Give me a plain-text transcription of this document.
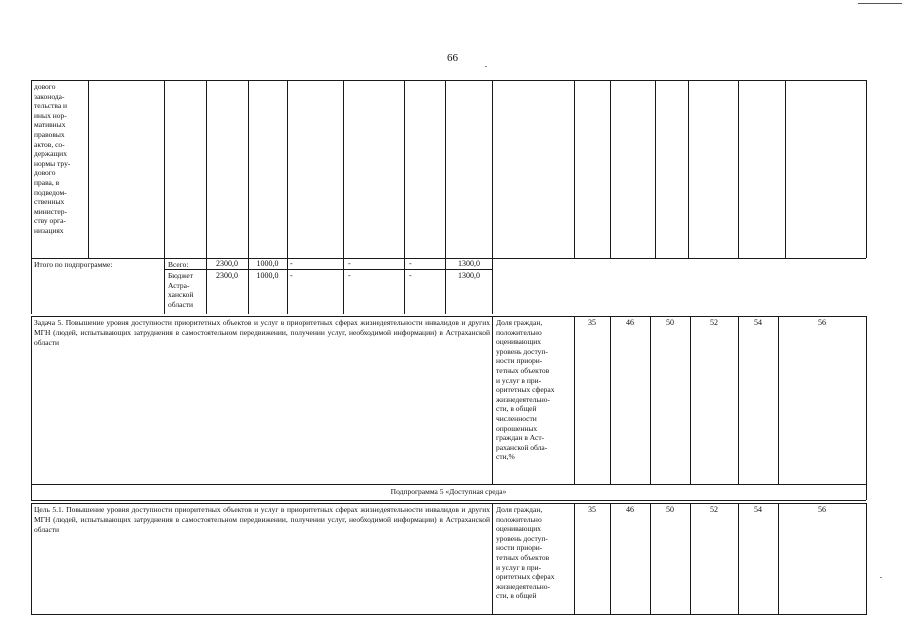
66
дового
законода-
тельства и
иных нор-
мативных
правовых
актов, со-
держащих
нормы тру-
дового
права, в
подведом-
ственных
министер-
ству орга-
низациях
Итого по подпрограмме:	Всего:	2300,0	1000,0	-	-	-	1300,0
Бюджет
Астра-
ханской
области
2300,0	1000,0	-	-	-	1300,0
Задача 5. Повышение уровня доступности приоритетных объектов и услуг в приоритетных сферах жизнедеятельности инвалидов и других МГН (людей, испытывающих затруднения в самостоятельном передвижении, получении услуг, необходимой информации) в Астраханской области
Доля граждан,
положительно
оценивающих
уровень доступ-
ности приори-
тетных объектов
и услуг в при-
оритетных сферах
жизнедеятельно-
сти, в общей
численности
опрошенных
граждан в Аст-
раханской обла-
сти,%
35	46	50	52	54	56
Подпрограмма 5 «Доступная среда»
Цель 5.1. Повышение уровня доступности приоритетных объектов и услуг в приоритетных сферах жизнедеятельности инвалидов и других МГН (людей, испытывающих затруднения в самостоятельном передвижении, получении услуг, необходимой информации) в Астраханской области
Доля граждан,
положительно
оценивающих
уровень доступ-
ности приори-
тетных объектов
и услуг в при-
оритетных сферах
жизнедеятельно-
сти, в общей
35	46	50	52	54	56
